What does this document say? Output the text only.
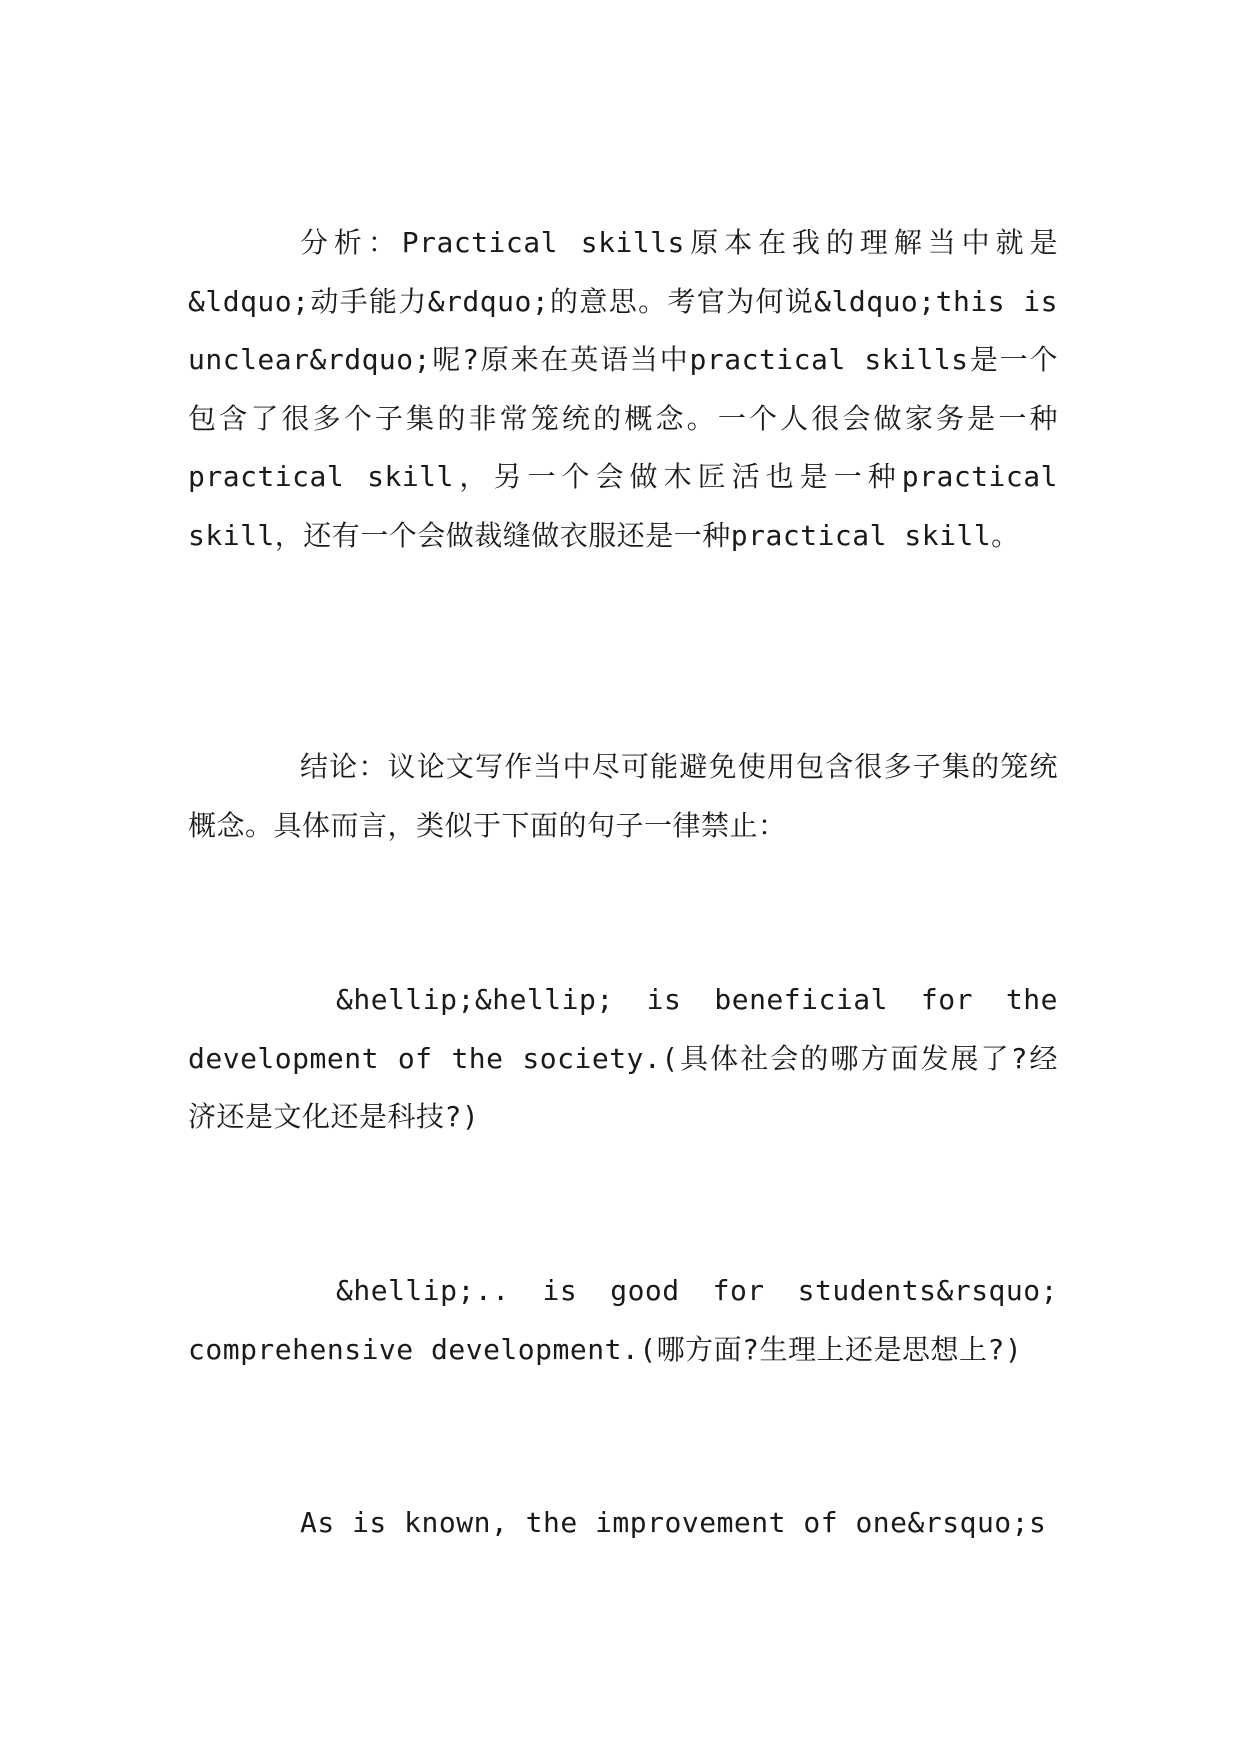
分析：Practical skills原本在我的理解当中就是&ldquo;动手能力&rdquo;的意思。考官为何说&ldquo;this is unclear&rdquo;呢?原来在英语当中practical skills是一个包含了很多个子集的非常笼统的概念。一个人很会做家务是一种practical skill，另一个会做木匠活也是一种practical skill，还有一个会做裁缝做衣服还是一种practical skill。

结论：议论文写作当中尽可能避免使用包含很多子集的笼统概念。具体而言，类似于下面的句子一律禁止：

&hellip;&hellip; is beneficial for the development of the society.(具体社会的哪方面发展了?经济还是文化还是科技?)

&hellip;.. is good for students&rsquo; comprehensive development.(哪方面?生理上还是思想上?)

As is known, the improvement of one&rsquo;s
